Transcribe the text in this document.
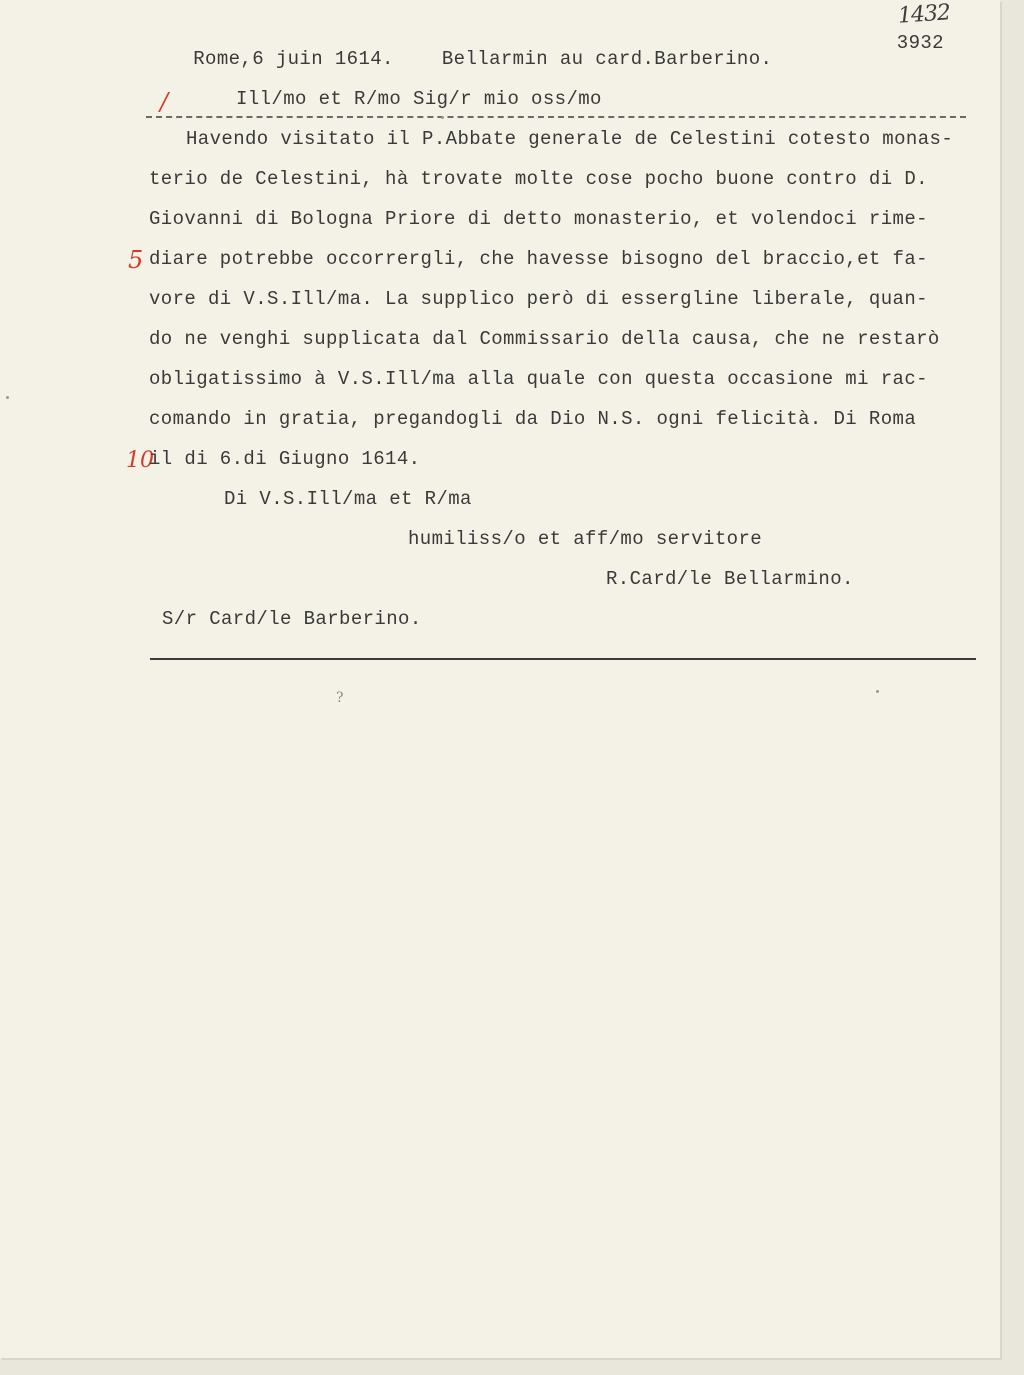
Rome,6 juin 1614.	Bellarmin au card.Barberino.

3932

1432
/	Ill/mo et R/mo Sig/r mio oss/mo
Havendo visitato il P.Abbate generale de Celestini cotesto monas-
terio de Celestini, hà trovate molte cose pocho buone contro di D.
Giovanni di Bologna Priore di detto monasterio, et volendoci rime-
5 diare potrebbe occorrergli, che havesse bisogno del braccio,et fa-
vore di V.S.Ill/ma. La supplico però di essergline liberale, quan-
do ne venghi supplicata dal Commissario della causa, che ne restarò
obligatissimo à V.S.Ill/ma alla quale con questa occasione mi rac-
comando in gratia, pregandogli da Dio N.S. ogni felicità. Di Roma
10
il di 6.di Giugno 1614.
Di V.S.Ill/ma et R/ma
humiliss/o et aff/mo servitore
R.Card/le Bellarmino.
S/r Card/le Barberino.
?
